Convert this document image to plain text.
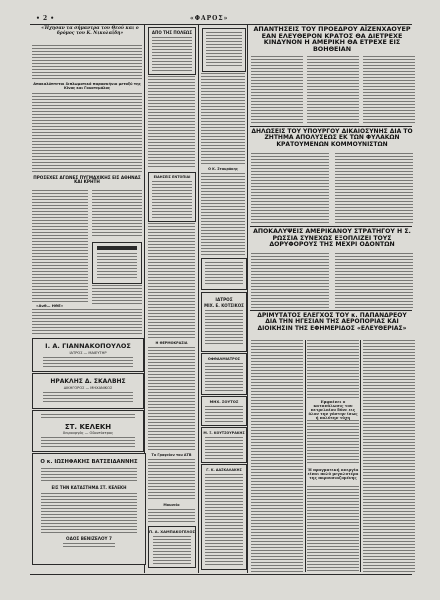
• 2 •	«ΦΑΡΟΣ»
«Ήχησαν τα σήμαντρα του Θεού και ο δρόμος του Κ. Νικολαΐδη»
Αποκαλύπτεται διπλωματικό παρασκήνιο μεταξύ της Κίνας και Γουατεμάλας
ΠΡΟΣΕΧΕΣ ΑΓΩΝΕΣ ΠΥΓΜΑΧΙΚΗΣ ΕΙΣ ΑΘΗΝΑΣ ΚΑΙ ΚΡΗΤΗ
«Ανθ— ΗΘΕ»
Ι. Α. ΓΙΑΝΝΑΚΟΠΟΥΛΟΣ
ΙΑΤΡΟΣ — ΜΑΙΕΥΤΗΡ
ΗΡΑΚΛΗΣ Δ. ΣΚΑΛΒΗΣ
ΔΙΚΗΓΟΡΟΣ — ΜΗΧΑΝΙΚΟΣ
ΣΤ. ΚΕΛΕΚΗ
Χειρουργός — Οδοντίατρος
Ο κ. ΙΩΣΗΦΑΚΗΣ ΒΑΤΣΕΙΔΑΝΝΗΣ
ΕΙΣ ΤΗΝ ΚΑΤΑΣΤΗΜΑ ΣΤ. ΚΕΛΕΚΗ
ΟΔΟΣ ΒΕΝΙΖΕΛΟΥ 7
ΑΠΟ ΤΗΣ ΠΟΛΕΩΣ
ΕΙΔΗΣΕΙΣ ΕΝΤΟΠΙΑΙ
Η ΘΕΡΜΟΚΡΑΣΙΑ
Το Γραφείον του ΑΤΒ
Μουσεία
Π. Α. ΧΑΜΠΑΚΟΓΕΛΟΣ
Ο Κ. Σταυράκης
ΙΑΤΡΟΣ
ΜΙΧ. Ε. ΚΟΤΣΙΚΟΣ
ΟΦΘΑΛΜΙΑΤΡΟΣ
ΜΗΧ. ΣΟΥΤΟΣ
Μ. Ξ. ΚΟΥΤΣΟΥΡΑΚΗΣ
Γ. Κ. ΔΑΣΚΑΛΑΚΗΣ
ΑΠΑΝΤΗΣΕΙΣ ΤΟΥ ΠΡΟΕΔΡΟΥ ΑΪΖΕΝΧΑΟΥΕΡ ΕΑΝ ΕΛΕΥΘΕΡΟΝ ΚΡΑΤΟΣ ΘΑ ΔΙΕΤΡΕΧΕ ΚΙΝΔΥΝΟΝ Η ΑΜΕΡΙΚΗ ΘΑ ΕΤΡΕΧΕ ΕΙΣ ΒΟΗΘΕΙΑΝ
ΔΗΛΩΣΕΙΣ ΤΟΥ ΥΠΟΥΡΓΟΥ ΔΙΚΑΙΟΣΥΝΗΣ ΔΙΑ ΤΟ ΖΗΤΗΜΑ ΑΠΟΛΥΣΕΩΣ ΕΚ ΤΩΝ ΦΥΛΑΚΩΝ ΚΡΑΤΟΥΜΕΝΩΝ ΚΟΜΜΟΥΝΙΣΤΩΝ
ΑΠΟΚΑΛΥΨΕΙΣ ΑΜΕΡΙΚΑΝΟΥ ΣΤΡΑΤΗΓΟΥ Η Σ. ΡΩΣΣΙΑ ΣΥΝΕΧΩΣ ΕΞΟΠΛΙΖΕΙ ΤΟΥΣ ΔΟΡΥΦΟΡΟΥΣ ΤΗΣ ΜΕΧΡΙ ΟΔΟΝΤΩΝ
ΔΡΙΜΥΤΑΤΟΣ ΕΛΕΓΧΟΣ ΤΟΥ κ. ΠΑΠΑΝΔΡΕΟΥ ΔΙΑ ΤΗΝ ΗΓΕΣΙΑΝ ΤΗΣ ΑΕΡΟΠΟΡΙΑΣ ΚΑΙ ΔΙΟΙΚΗΣΙΝ ΤΗΣ ΕΦΗΜΕΡΙΔΟΣ «ΕΛΕΥΘΕΡΙΑΣ»
Εμφαίνει ο κατανάλωσις του πετρελαίου δύνε εις όλον την γάστην ίσως ή πολύτην τύχη
Ή πραγματική ανεργία είναι πολύ μεγαλυτέρα της παρουσιαζομένης
